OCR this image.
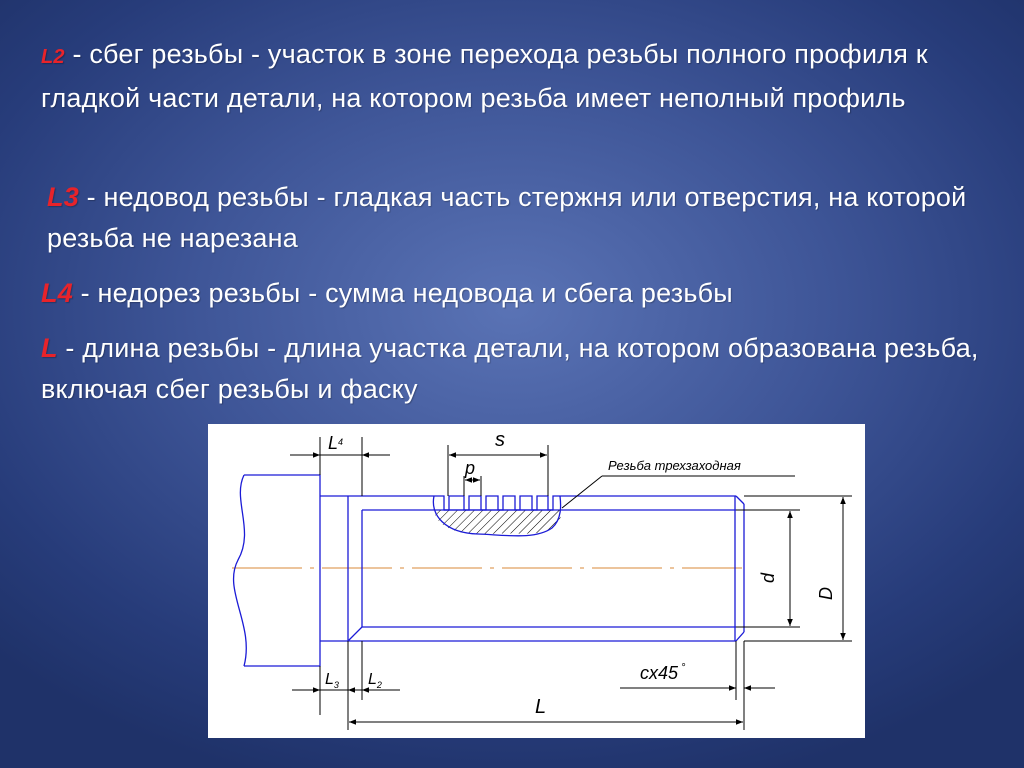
L2 - сбег резьбы - участок в зоне перехода резьбы полного профиля к гладкой части детали, на котором резьба имеет неполный профиль
L3 - недовод резьбы - гладкая часть стержня или отверстия, на которой резьба не нарезана
L4 - недорез резьбы - сумма недовода и сбега резьбы
L - длина резьбы - длина участка детали, на котором образована резьба, включая сбег резьбы и фаску
$L^4$	s
p	Резьба трехзаходная
d
D
$L_3$ $L_2$
cx45 °
L
